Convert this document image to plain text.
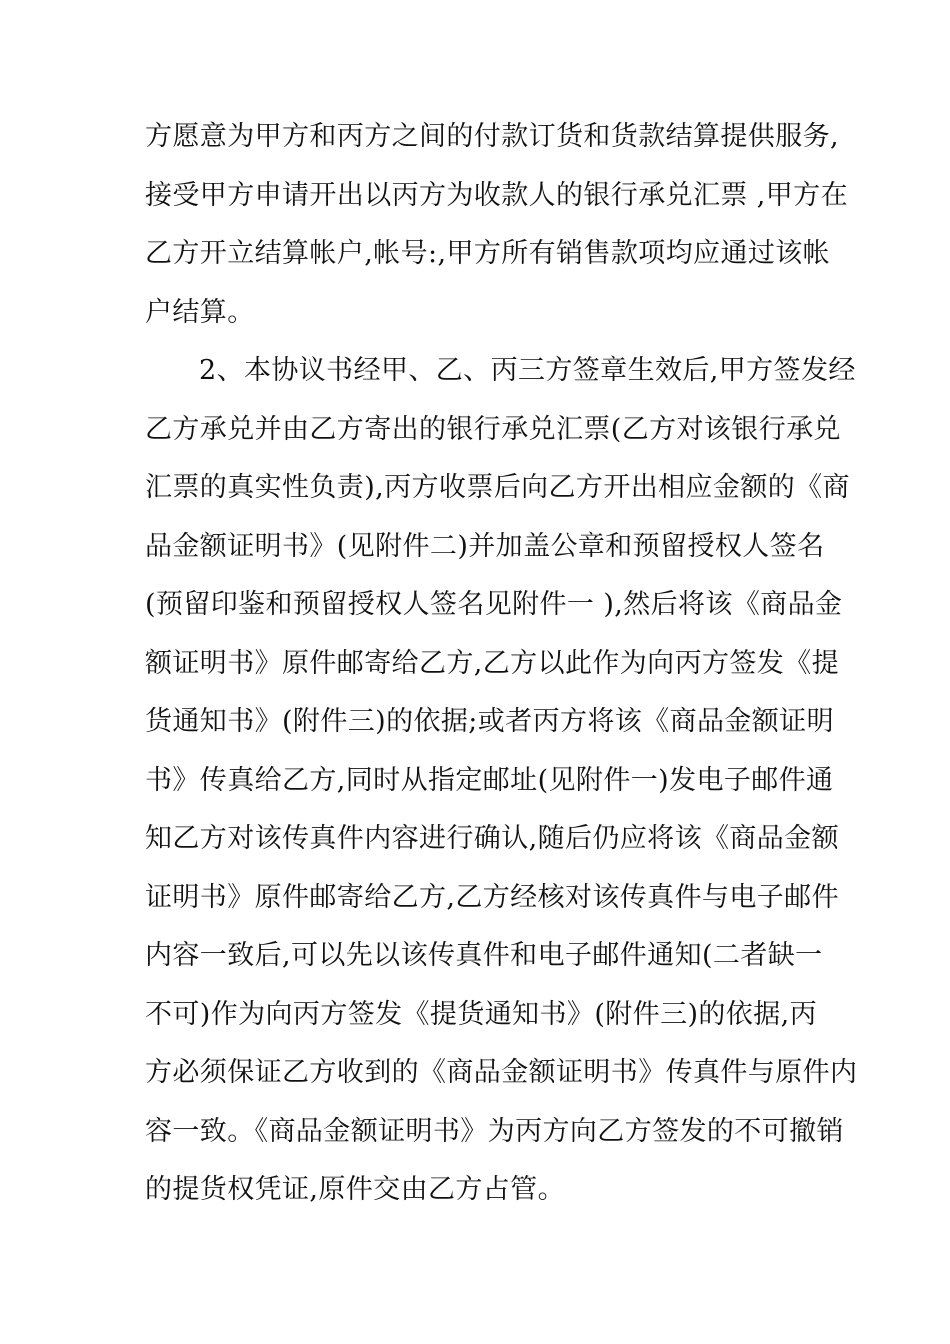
方愿意为甲方和丙方之间的付款订货和货款结算提供服务,
接受甲方申请开出以丙方为收款人的银行承兑汇票 ,甲方在
乙方开立结算帐户,帐号:,甲方所有销售款项均应通过该帐
户结算。
2、本协议书经甲、乙、丙三方签章生效后,甲方签发经
乙方承兑并由乙方寄出的银行承兑汇票(乙方对该银行承兑
汇票的真实性负责),丙方收票后向乙方开出相应金额的《商
品金额证明书》(见附件二)并加盖公章和预留授权人签名
(预留印鉴和预留授权人签名见附件一 ),然后将该《商品金
额证明书》原件邮寄给乙方,乙方以此作为向丙方签发《提
货通知书》(附件三)的依据;或者丙方将该《商品金额证明
书》传真给乙方,同时从指定邮址(见附件一)发电子邮件通
知乙方对该传真件内容进行确认,随后仍应将该《商品金额
证明书》原件邮寄给乙方,乙方经核对该传真件与电子邮件
内容一致后,可以先以该传真件和电子邮件通知(二者缺一
不可)作为向丙方签发《提货通知书》(附件三)的依据,丙
方必须保证乙方收到的《商品金额证明书》传真件与原件内
容一致。《商品金额证明书》为丙方向乙方签发的不可撤销
的提货权凭证,原件交由乙方占管。
